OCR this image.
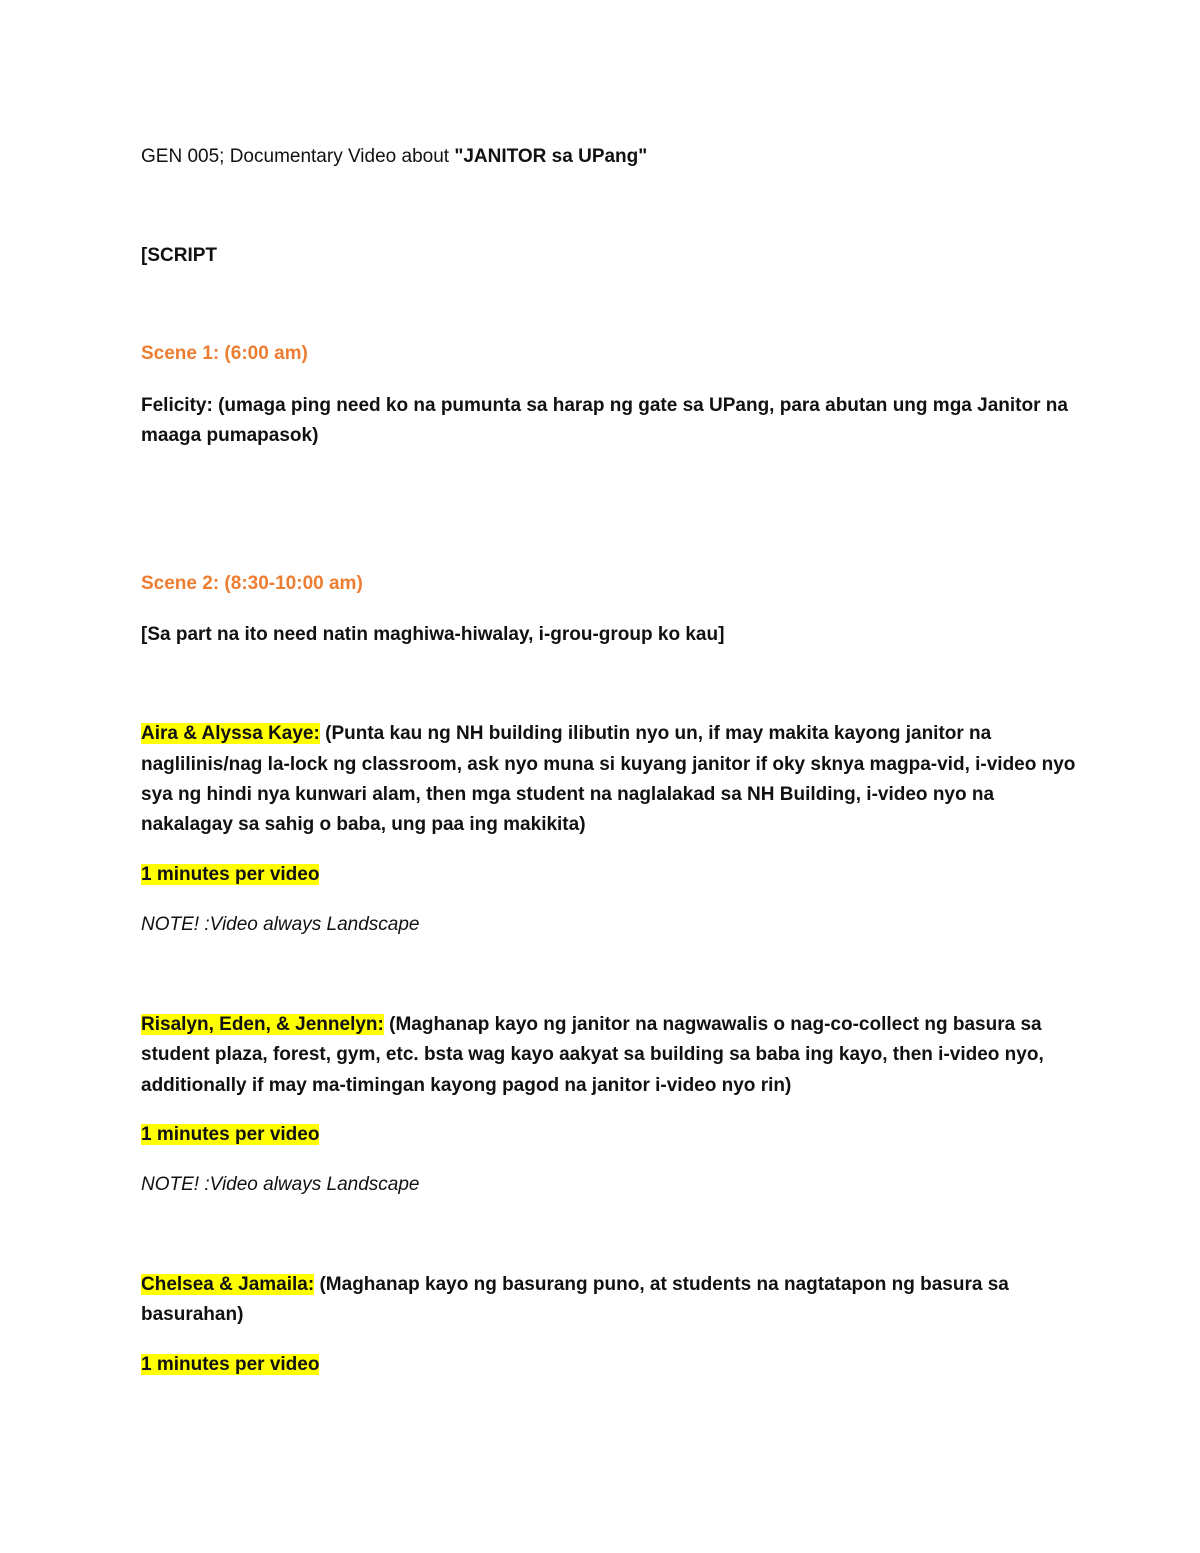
GEN 005; Documentary Video about "JANITOR sa UPang"
[SCRIPT
Scene 1: (6:00 am)
Felicity: (umaga ping need ko na pumunta sa harap ng gate sa UPang, para abutan ung mga Janitor na
maaga pumapasok)
Scene 2: (8:30-10:00 am)
[Sa part na ito need natin maghiwa-hiwalay, i-grou-group ko kau]
Aira & Alyssa Kaye: (Punta kau ng NH building ilibutin nyo un, if may makita kayong janitor na
naglilinis/nag la-lock ng classroom, ask nyo muna si kuyang janitor if oky sknya magpa-vid, i-video nyo
sya ng hindi nya kunwari alam, then mga student na naglalakad sa NH Building, i-video nyo na
nakalagay sa sahig o baba, ung paa ing makikita)
1 minutes per video
NOTE! :Video always Landscape
Risalyn, Eden, & Jennelyn: (Maghanap kayo ng janitor na nagwawalis o nag-co-collect ng basura sa
student plaza, forest, gym, etc. bsta wag kayo aakyat sa building sa baba ing kayo, then i-video nyo,
additionally if may ma-timingan kayong pagod na janitor i-video nyo rin)
1 minutes per video
NOTE! :Video always Landscape
Chelsea & Jamaila: (Maghanap kayo ng basurang puno, at students na nagtatapon ng basura sa
basurahan)
1 minutes per video
